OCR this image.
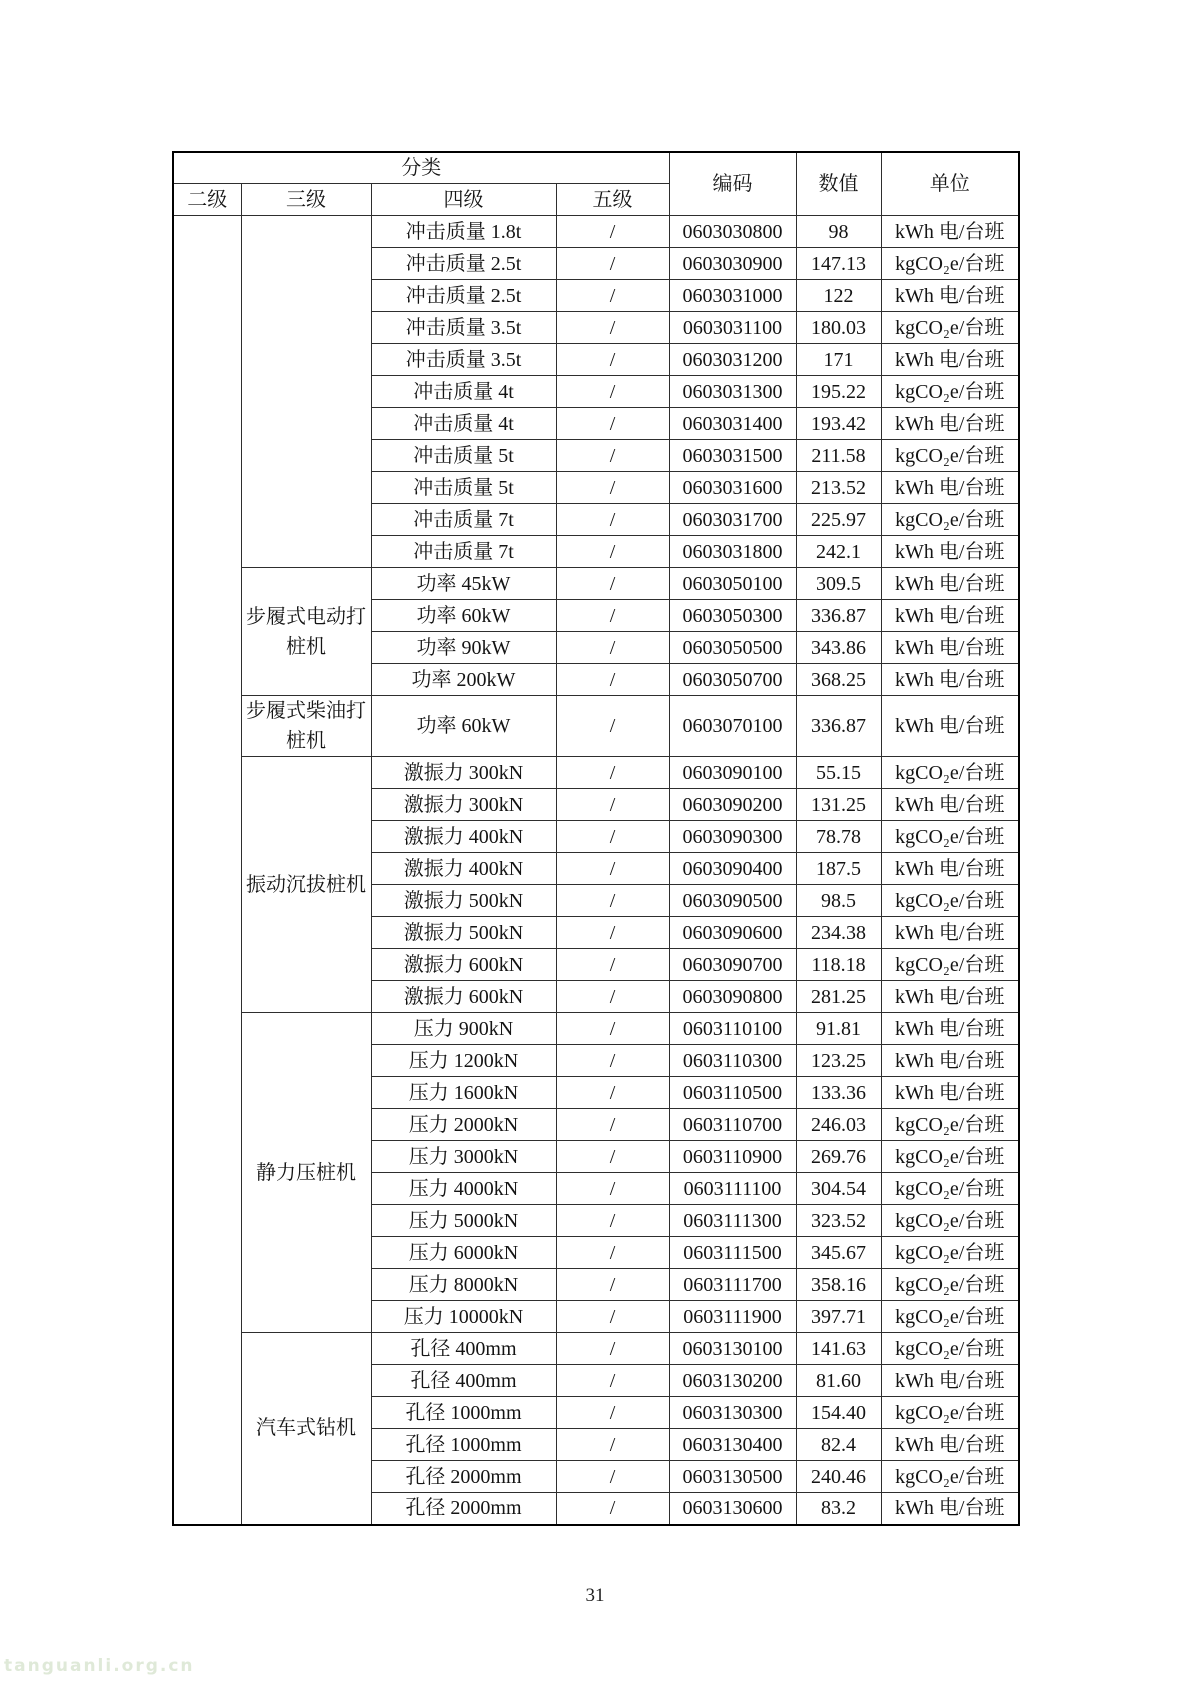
分类				编码	数值	单位
二级	三级	四级	五级			
		冲击质量 1.8t	/	0603030800	98	kWh 电/台班
		冲击质量 2.5t	/	0603030900	147.13	kgCO₂e/台班
		冲击质量 2.5t	/	0603031000	122	kWh 电/台班
		冲击质量 3.5t	/	0603031100	180.03	kgCO₂e/台班
		冲击质量 3.5t	/	0603031200	171	kWh 电/台班
		冲击质量 4t	/	0603031300	195.22	kgCO₂e/台班
		冲击质量 4t	/	0603031400	193.42	kWh 电/台班
		冲击质量 5t	/	0603031500	211.58	kgCO₂e/台班
		冲击质量 5t	/	0603031600	213.52	kWh 电/台班
		冲击质量 7t	/	0603031700	225.97	kgCO₂e/台班
		冲击质量 7t	/	0603031800	242.1	kWh 电/台班
	步履式电动打桩机	功率 45kW	/	0603050100	309.5	kWh 电/台班
		功率 60kW	/	0603050300	336.87	kWh 电/台班
		功率 90kW	/	0603050500	343.86	kWh 电/台班
		功率 200kW	/	0603050700	368.25	kWh 电/台班
	步履式柴油打桩机	功率 60kW	/	0603070100	336.87	kWh 电/台班
	振动沉拔桩机	激振力 300kN	/	0603090100	55.15	kgCO₂e/台班
		激振力 300kN	/	0603090200	131.25	kWh 电/台班
		激振力 400kN	/	0603090300	78.78	kgCO₂e/台班
		激振力 400kN	/	0603090400	187.5	kWh 电/台班
		激振力 500kN	/	0603090500	98.5	kgCO₂e/台班
		激振力 500kN	/	0603090600	234.38	kWh 电/台班
		激振力 600kN	/	0603090700	118.18	kgCO₂e/台班
		激振力 600kN	/	0603090800	281.25	kWh 电/台班
	静力压桩机	压力 900kN	/	0603110100	91.81	kWh 电/台班
		压力 1200kN	/	0603110300	123.25	kWh 电/台班
		压力 1600kN	/	0603110500	133.36	kWh 电/台班
		压力 2000kN	/	0603110700	246.03	kgCO₂e/台班
		压力 3000kN	/	0603110900	269.76	kgCO₂e/台班
		压力 4000kN	/	0603111100	304.54	kgCO₂e/台班
		压力 5000kN	/	0603111300	323.52	kgCO₂e/台班
		压力 6000kN	/	0603111500	345.67	kgCO₂e/台班
		压力 8000kN	/	0603111700	358.16	kgCO₂e/台班
		压力 10000kN	/	0603111900	397.71	kgCO₂e/台班
	汽车式钻机	孔径 400mm	/	0603130100	141.63	kgCO₂e/台班
		孔径 400mm	/	0603130200	81.60	kWh 电/台班
		孔径 1000mm	/	0603130300	154.40	kgCO₂e/台班
		孔径 1000mm	/	0603130400	82.4	kWh 电/台班
		孔径 2000mm	/	0603130500	240.46	kgCO₂e/台班
		孔径 2000mm	/	0603130600	83.2	kWh 电/台班
31
tanguanli.org.cn
